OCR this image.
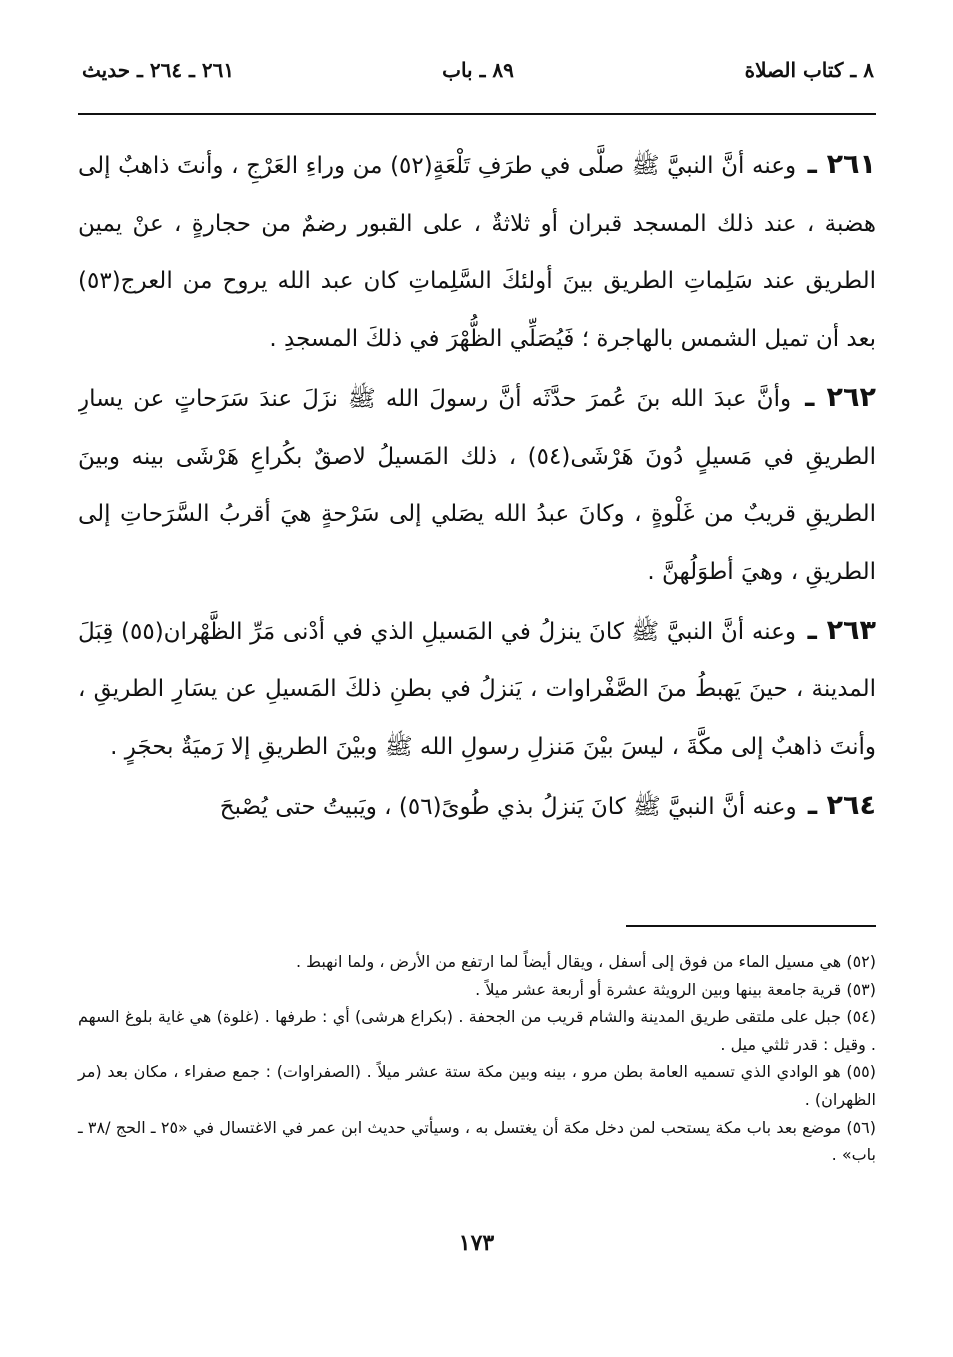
٨ ـ كتاب الصلاة
٨٩ ـ باب
٢٦١ ـ ٢٦٤ ـ حديث

٢٦١ ـ وعنه أنَّ النبيَّ ﷺ صلَّى في طرَفِ تَلْعَةٍ(٥٢) من وراءِ العَرْجِ ، وأنتَ ذاهبٌ إلى هضبة ، عند ذلك المسجد قبران أو ثلاثةٌ ، على القبور رضمٌ من حجارةٍ ، عنْ يمين الطريق عند سَلِماتِ الطريق بينَ أولئكَ السَّلِماتِ كان عبد الله يروح من العرج(٥٣) بعد أن تميل الشمس بالهاجرة ؛ فَيُصَلِّي الظُّهْرَ في ذلكَ المسجدِ .

٢٦٢ ـ وأنَّ عبدَ الله بنَ عُمرَ حدَّثَه أنَّ رسولَ الله ﷺ نزَلَ عندَ سَرَحاتٍ عن يسارِ الطريقِ في مَسيلٍ دُونَ هَرْشَى(٥٤) ، ذلك المَسيلُ لاصقٌ بكُراعِ هَرْشَى بينه وبينَ الطريقِ قريبٌ من غَلْوةٍ ، وكانَ عبدُ الله يصَلي إلى سَرْحةٍ هيَ أقربُ السَّرَحاتِ إلى الطريقِ ، وهيَ أطوَلُهنَّ .

٢٦٣ ـ وعنه أنَّ النبيَّ ﷺ كانَ ينزلُ في المَسيلِ الذي في أدْنى مَرِّ الظَّهْران(٥٥) قِبَلَ المدينة ، حينَ يَهبطُ منَ الصَّفْراوات ، يَنزلُ في بطنِ ذلكَ المَسيلِ عن يسَارِ الطريقِ ، وأنتَ ذاهبٌ إلى مكَّةَ ، ليسَ بيْنَ مَنزلِ رسولِ الله ﷺ وبيْنَ الطريقِ إلا رَميَةٌ بحجَرٍ .

٢٦٤ ـ وعنه أنَّ النبيَّ ﷺ كانَ يَنزلُ بذي طُوىً(٥٦) ، ويَبيتُ حتى يُصْبحَ

(٥٢) هي مسيل الماء من فوق إلى أسفل ، ويقال أيضاً لما ارتفع من الأرض ، ولما انهبط .

(٥٣) قرية جامعة بينها وبين الرويثة عشرة أو أربعة عشر ميلاً .

(٥٤) جبل على ملتقى طريق المدينة والشام قريب من الجحفة . (بكراع هرشى) أي : طرفها . (غلوة) هي غاية بلوغ السهم . وقيل : قدر ثلثي ميل .

(٥٥) هو الوادي الذي تسميه العامة بطن مرو ، بينه وبين مكة ستة عشر ميلاً . (الصفراوات) : جمع صفراء ، مكان بعد (مر الظهران) .

(٥٦) موضع بعد باب مكة يستحب لمن دخل مكة أن يغتسل به ، وسيأتي حديث ابن عمر في الاغتسال في «٢٥ ـ الحج /٣٨ ـ باب» .

١٧٣
